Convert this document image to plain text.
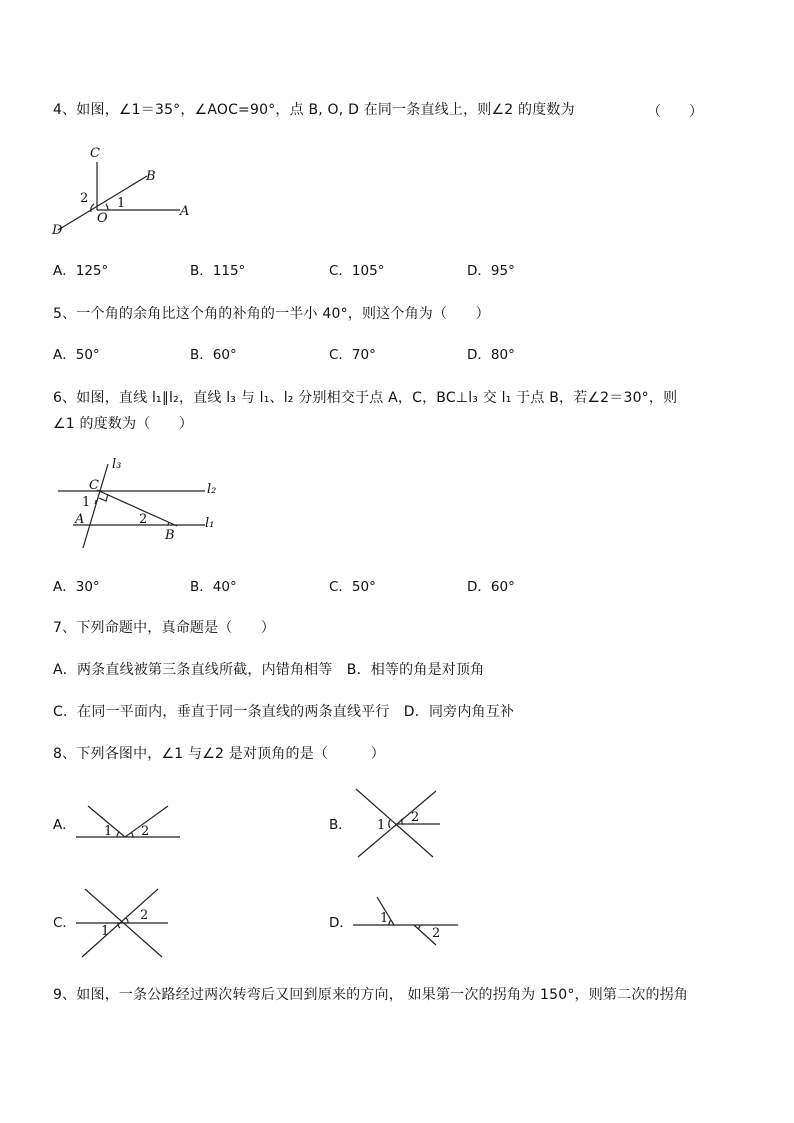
4、如图，∠1＝35°，∠AOC=90°，点 B, O, D 在同一条直线上，则∠2 的度数为	（　　）
C
B
2 1
O	A
D
A．125°	B．115°	C．105°	D．95°
5、一个角的余角比这个角的补角的一半小 40°，则这个角为（　　）
A．50°	B．60°	C．70°	D．80°
6、如图，直线 l₁∥l₂，直线 l₃ 与 l₁、l₂ 分别相交于点 A，C，BC⊥l₃ 交 l₁ 于点 B，若∠2＝30°，则
∠1 的度数为（　　）
l₃
C	l₂
1
A	2	l₁
B
A．30°	B．40°	C．50°	D．60°
7、下列命题中，真命题是（　　）
A．两条直线被第三条直线所截，内错角相等　B．相等的角是对顶角
C．在同一平面内，垂直于同一条直线的两条直线平行　D．同旁内角互补
8、下列各图中，∠1 与∠2 是对顶角的是（　　　）
A． 1 2	B． 1
2
C．
1
2	D． 1
2
9、如图，一条公路经过两次转弯后又回到原来的方向， 如果第一次的拐角为 150°，则第二次的拐角
